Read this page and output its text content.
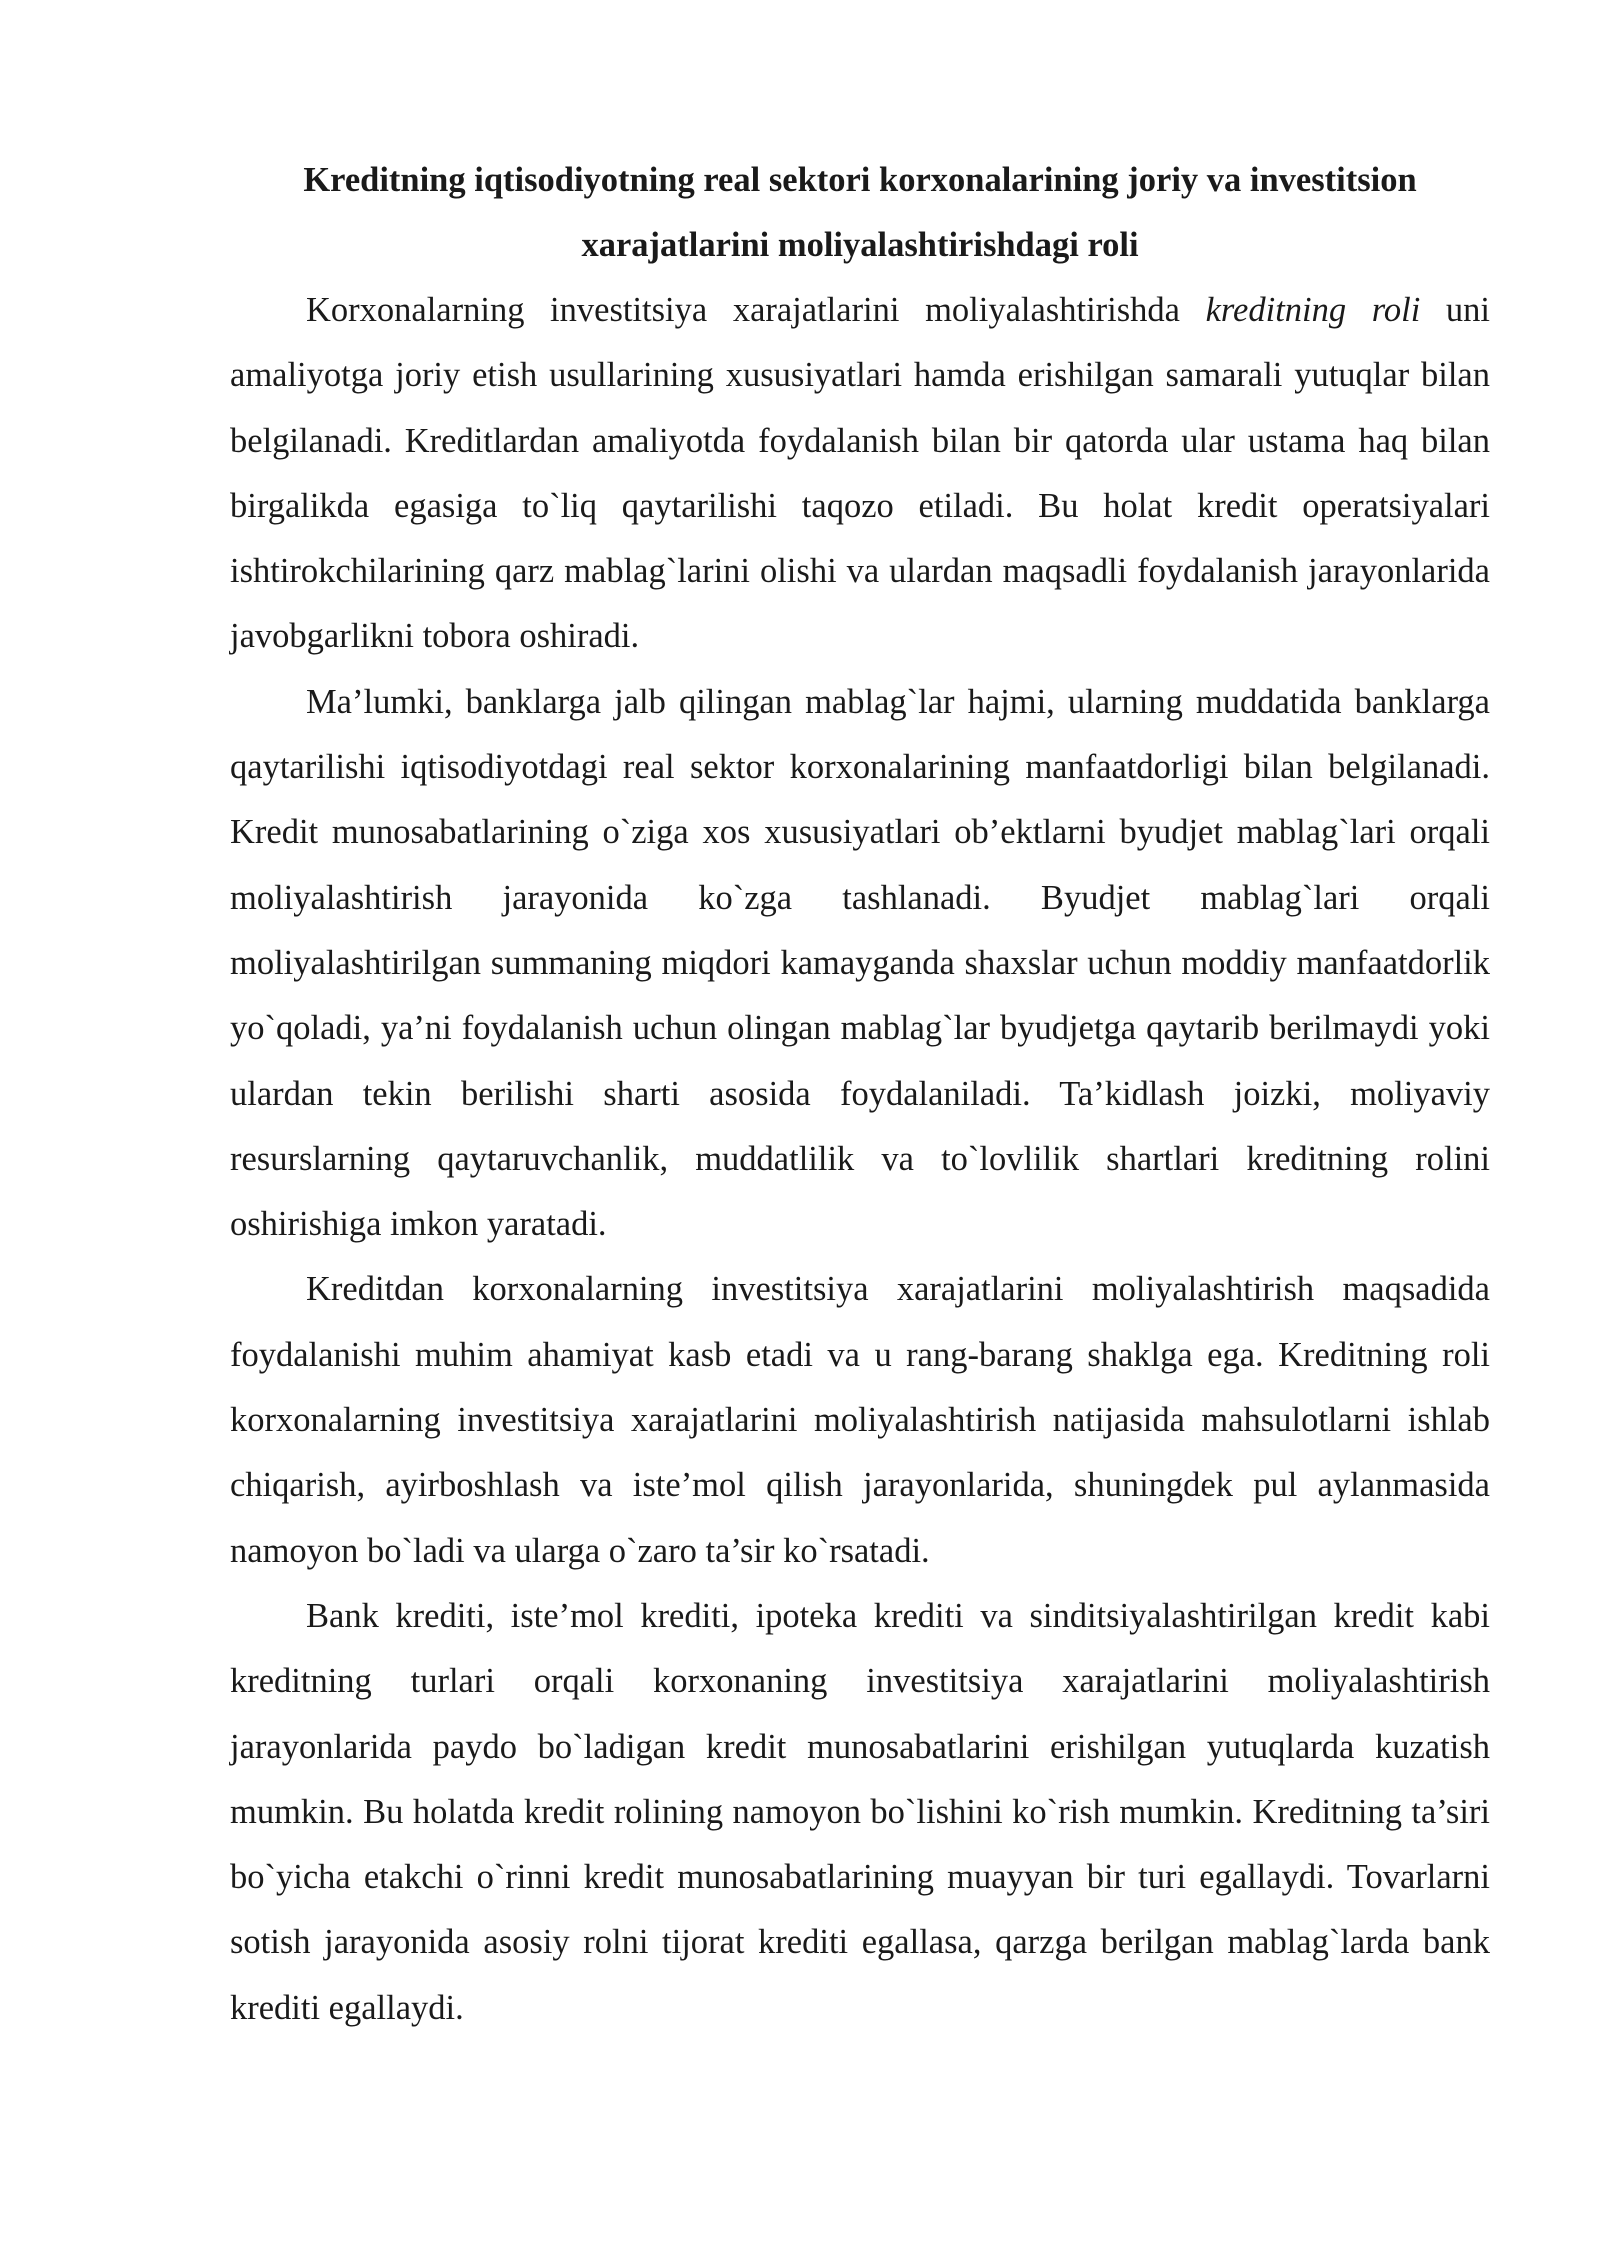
Kreditning iqtisodiyotning real sektori korxonalarining joriy va investitsion xarajatlarini moliyalashtirishdagi roli

Korxonalarning investitsiya xarajatlarini moliyalashtirishda kreditning roli uni amaliyotga joriy etish usullarining xususiyatlari hamda erishilgan samarali yutuqlar bilan belgilanadi. Kreditlardan amaliyotda foydalanish bilan bir qatorda ular ustama haq bilan birgalikda egasiga to`liq qaytarilishi taqozo etiladi. Bu holat kredit operatsiyalari ishtirokchilarining qarz mablag`larini olishi va ulardan maqsadli foydalanish jarayonlarida javobgarlikni tobora oshiradi.

Ma’lumki, banklarga jalb qilingan mablag`lar hajmi, ularning muddatida banklarga qaytarilishi iqtisodiyotdagi real sektor korxonalarining manfaatdorligi bilan belgilanadi. Kredit munosabatlarining o`ziga xos xususiyatlari ob’ektlarni byudjet mablag`lari orqali moliyalashtirish jarayonida ko`zga tashlanadi. Byudjet mablag`lari orqali moliyalashtirilgan summaning miqdori kamayganda shaxslar uchun moddiy manfaatdorlik yo`qoladi, ya’ni foydalanish uchun olingan mablag`lar byudjetga qaytarib berilmaydi yoki ulardan tekin berilishi sharti asosida foydalaniladi. Ta’kidlash joizki, moliyaviy resurslarning qaytaruvchanlik, muddatlilik va to`lovlilik shartlari kreditning rolini oshirishiga imkon yaratadi.

Kreditdan korxonalarning investitsiya xarajatlarini moliyalashtirish maqsadida foydalanishi muhim ahamiyat kasb etadi va u rang-barang shaklga ega. Kreditning roli korxonalarning investitsiya xarajatlarini moliyalashtirish natijasida mahsulotlarni ishlab chiqarish, ayirboshlash va iste’mol qilish jarayonlarida, shuningdek pul aylanmasida namoyon bo`ladi va ularga o`zaro ta’sir ko`rsatadi.

Bank krediti, iste’mol krediti, ipoteka krediti va sinditsiyalashtirilgan kredit kabi kreditning turlari orqali korxonaning investitsiya xarajatlarini moliyalashtirish jarayonlarida paydo bo`ladigan kredit munosabatlarini erishilgan yutuqlarda kuzatish mumkin. Bu holatda kredit rolining namoyon bo`lishini ko`rish mumkin. Kreditning ta’siri bo`yicha etakchi o`rinni kredit munosabatlarining muayyan bir turi egallaydi. Tovarlarni sotish jarayonida asosiy rolni tijorat krediti egallasa, qarzga berilgan mablag`larda bank krediti egallaydi.
